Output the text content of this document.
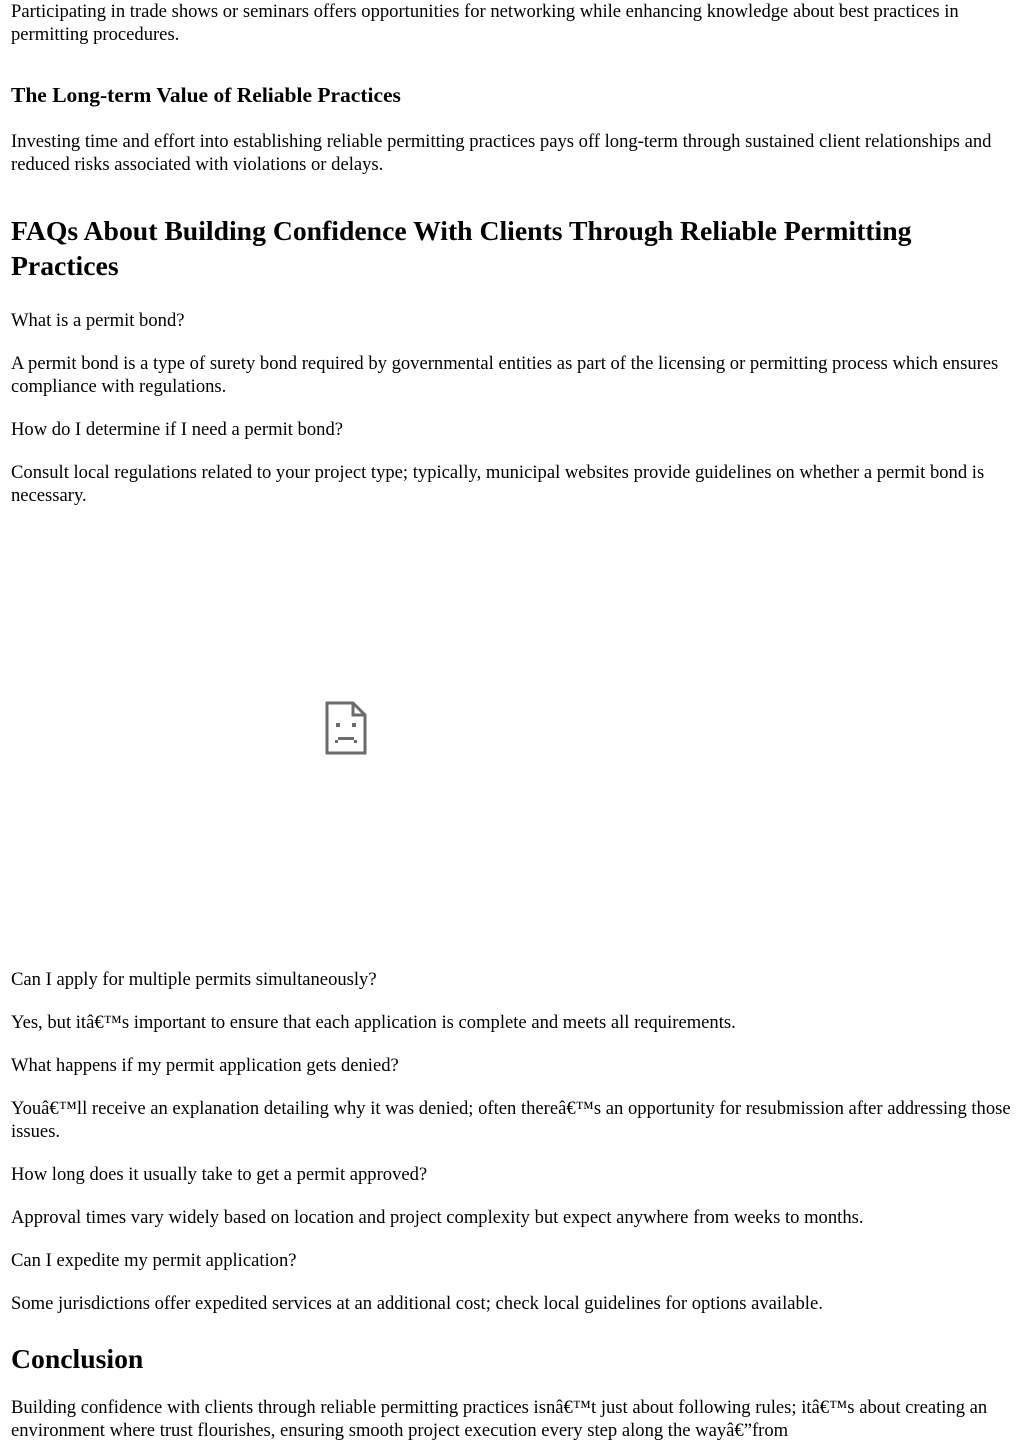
Participating in trade shows or seminars offers opportunities for networking while enhancing knowledge about best practices in permitting procedures.

The Long-term Value of Reliable Practices

Investing time and effort into establishing reliable permitting practices pays off long-term through sustained client relationships and reduced risks associated with violations or delays.

FAQs About Building Confidence With Clients Through Reliable Permitting Practices

What is a permit bond?

A permit bond is a type of surety bond required by governmental entities as part of the licensing or permitting process which ensures compliance with regulations.

How do I determine if I need a permit bond?

Consult local regulations related to your project type; typically, municipal websites provide guidelines on whether a permit bond is necessary.

Can I apply for multiple permits simultaneously?

Yes, but itâ€™s important to ensure that each application is complete and meets all requirements.

What happens if my permit application gets denied?

Youâ€™ll receive an explanation detailing why it was denied; often thereâ€™s an opportunity for resubmission after addressing those issues.

How long does it usually take to get a permit approved?

Approval times vary widely based on location and project complexity but expect anywhere from weeks to months.

Can I expedite my permit application?

Some jurisdictions offer expedited services at an additional cost; check local guidelines for options available.

Conclusion

Building confidence with clients through reliable permitting practices isnâ€™t just about following rules; itâ€™s about creating an environment where trust flourishes, ensuring smooth project execution every step along the wayâ€”from
